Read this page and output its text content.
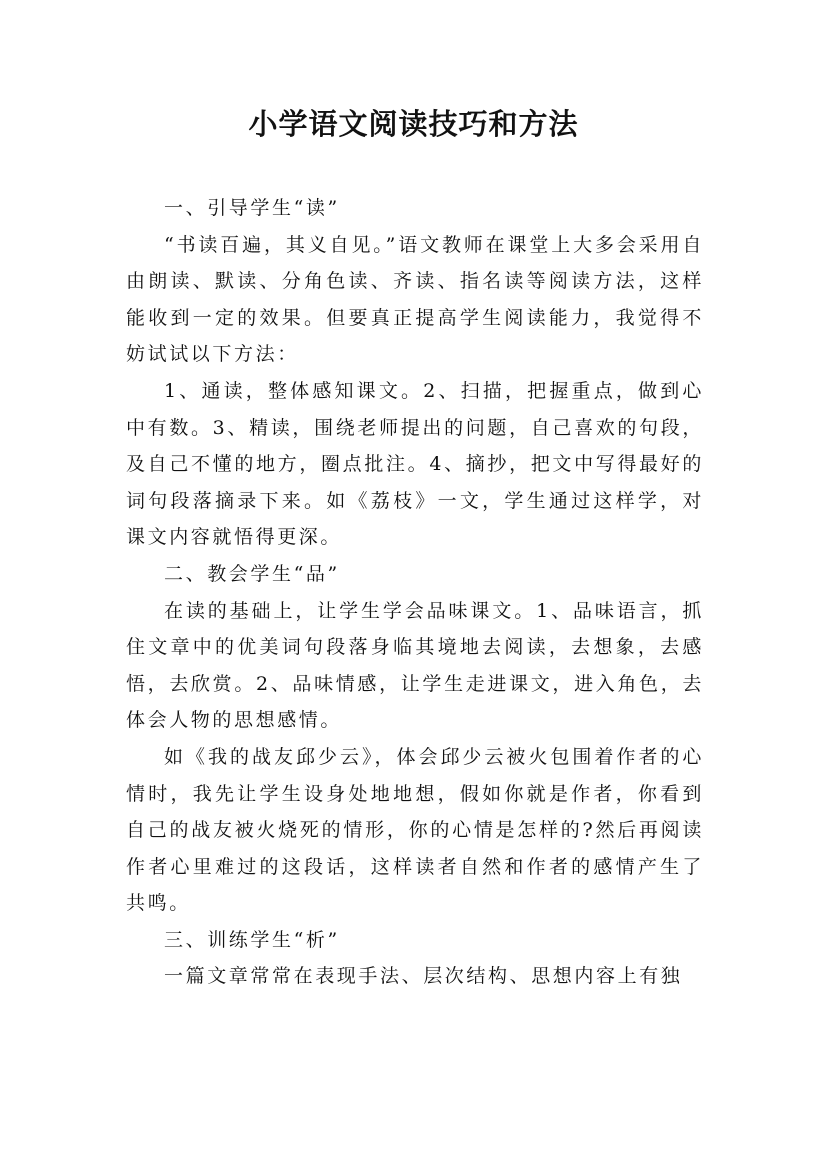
小学语文阅读技巧和方法

一、引导学生“读”

“书读百遍，其义自见。”语文教师在课堂上大多会采用自由朗读、默读、分角色读、齐读、指名读等阅读方法，这样能收到一定的效果。但要真正提高学生阅读能力，我觉得不妨试试以下方法：

1、通读，整体感知课文。2、扫描，把握重点，做到心中有数。3、精读，围绕老师提出的问题，自己喜欢的句段，及自己不懂的地方，圈点批注。4、摘抄，把文中写得最好的词句段落摘录下来。如《荔枝》一文，学生通过这样学，对课文内容就悟得更深。

二、教会学生“品”

在读的基础上，让学生学会品味课文。1、品味语言，抓住文章中的优美词句段落身临其境地去阅读，去想象，去感悟，去欣赏。2、品味情感，让学生走进课文，进入角色，去体会人物的思想感情。

如《我的战友邱少云》，体会邱少云被火包围着作者的心情时，我先让学生设身处地地想，假如你就是作者，你看到自己的战友被火烧死的情形，你的心情是怎样的?然后再阅读作者心里难过的这段话，这样读者自然和作者的感情产生了共鸣。

三、训练学生“析”

一篇文章常常在表现手法、层次结构、思想内容上有独
